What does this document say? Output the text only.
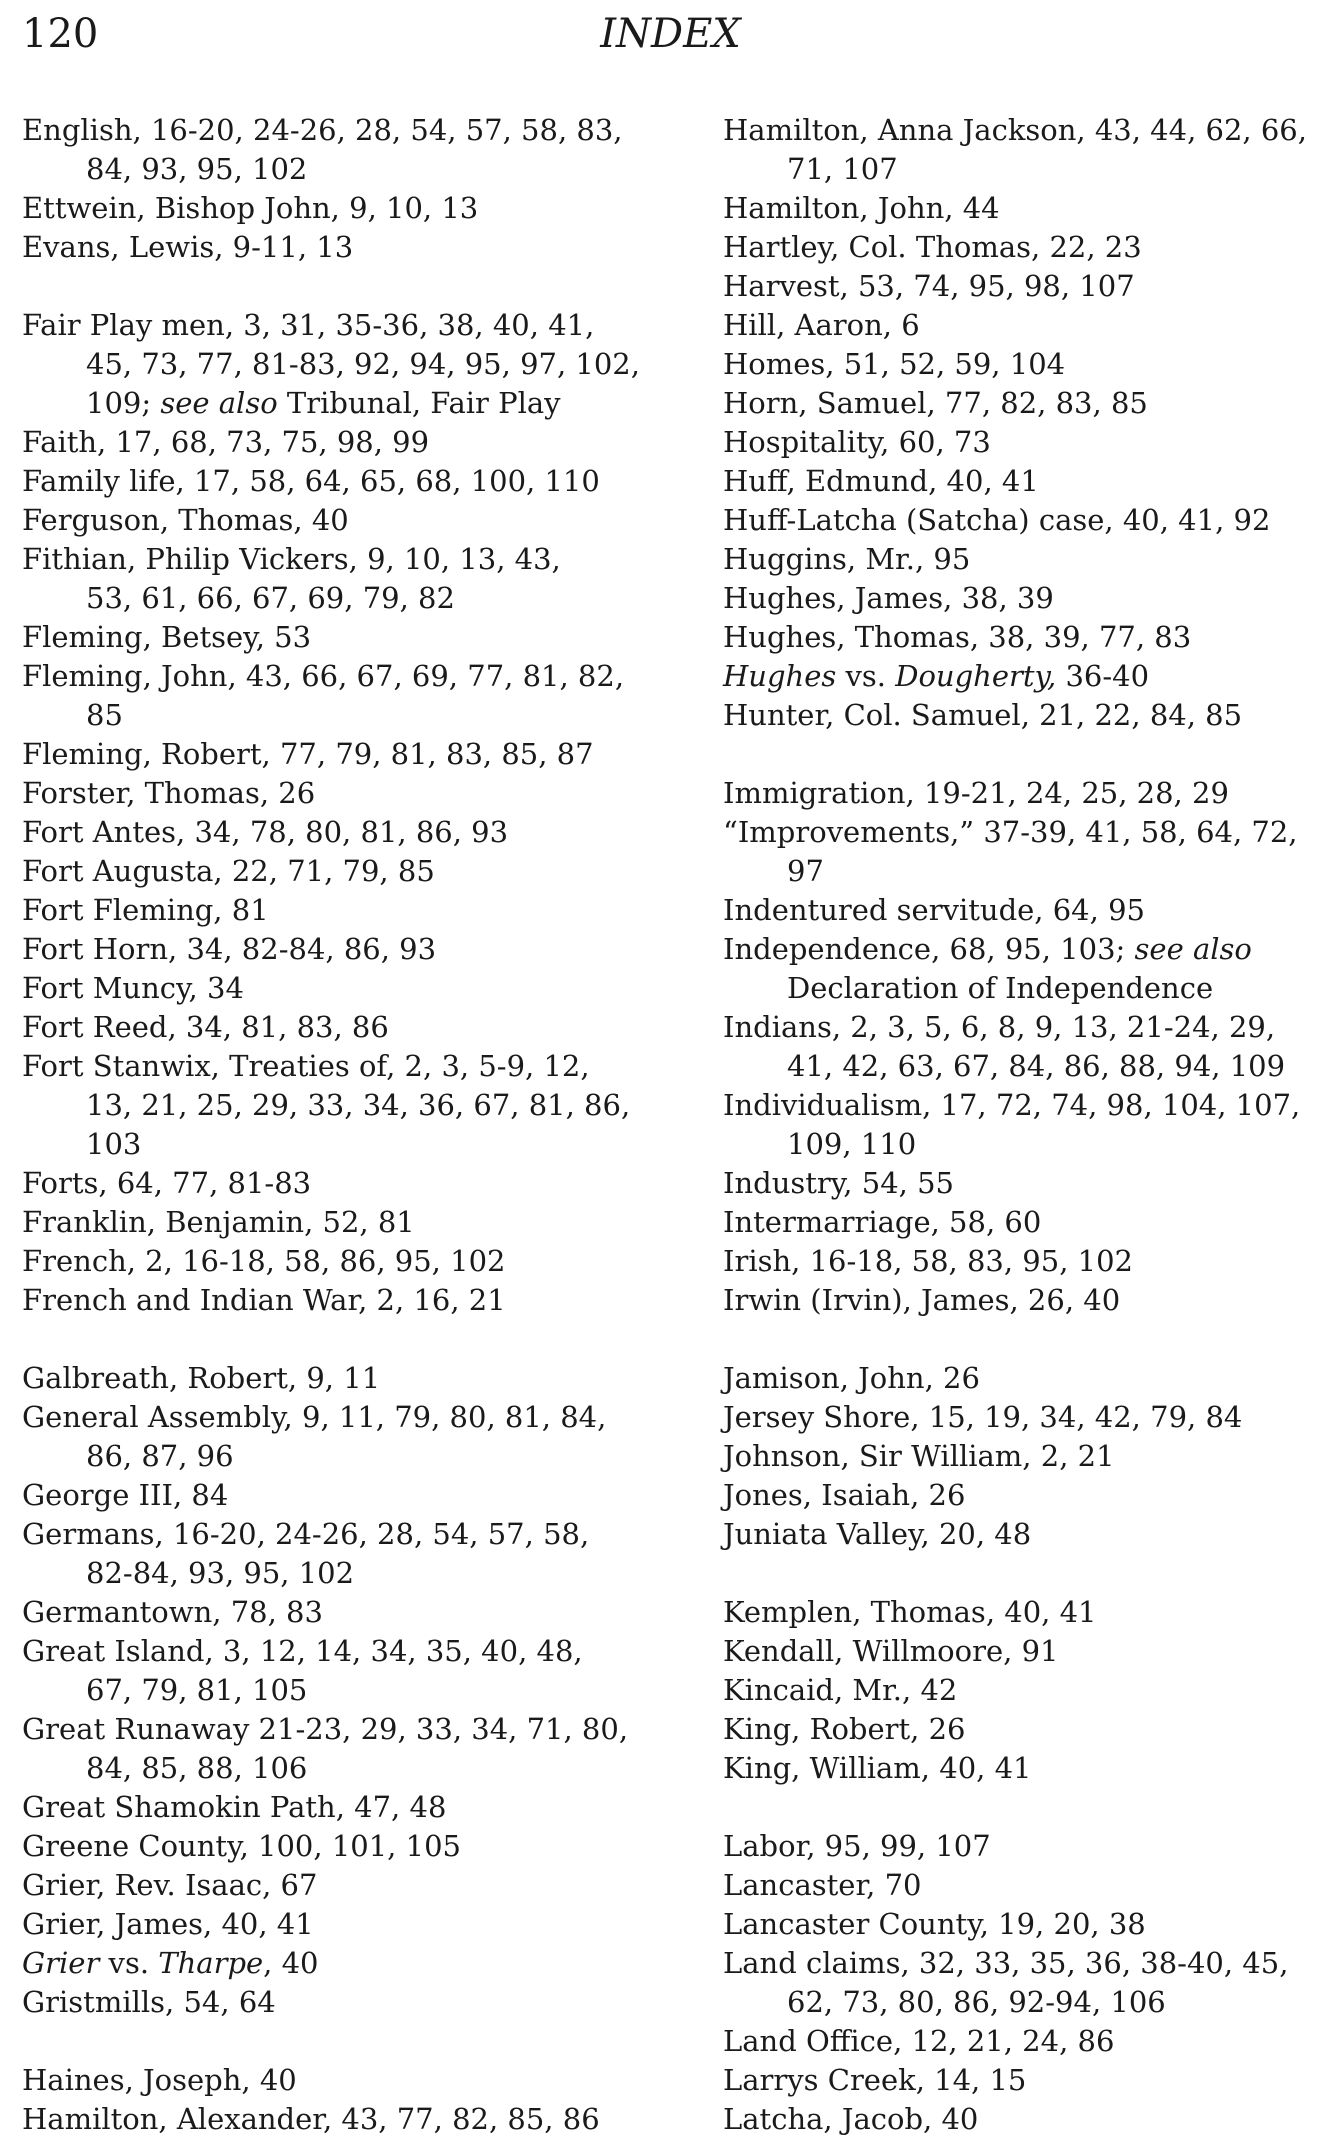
120	INDEX
English, 16-20, 24-26, 28, 54, 57, 58, 83,
84, 93, 95, 102
Ettwein, Bishop John, 9, 10, 13
Evans, Lewis, 9-11, 13
Fair Play men, 3, 31, 35-36, 38, 40, 41,
45, 73, 77, 81-83, 92, 94, 95, 97, 102,
109; see also Tribunal, Fair Play
Faith, 17, 68, 73, 75, 98, 99
Family life, 17, 58, 64, 65, 68, 100, 110
Ferguson, Thomas, 40
Fithian, Philip Vickers, 9, 10, 13, 43,
53, 61, 66, 67, 69, 79, 82
Fleming, Betsey, 53
Fleming, John, 43, 66, 67, 69, 77, 81, 82,
85
Fleming, Robert, 77, 79, 81, 83, 85, 87
Forster, Thomas, 26
Fort Antes, 34, 78, 80, 81, 86, 93
Fort Augusta, 22, 71, 79, 85
Fort Fleming, 81
Fort Horn, 34, 82-84, 86, 93
Fort Muncy, 34
Fort Reed, 34, 81, 83, 86
Fort Stanwix, Treaties of, 2, 3, 5-9, 12,
13, 21, 25, 29, 33, 34, 36, 67, 81, 86,
103
Forts, 64, 77, 81-83
Franklin, Benjamin, 52, 81
French, 2, 16-18, 58, 86, 95, 102
French and Indian War, 2, 16, 21
Galbreath, Robert, 9, 11
General Assembly, 9, 11, 79, 80, 81, 84,
86, 87, 96
George III, 84
Germans, 16-20, 24-26, 28, 54, 57, 58,
82-84, 93, 95, 102
Germantown, 78, 83
Great Island, 3, 12, 14, 34, 35, 40, 48,
67, 79, 81, 105
Great Runaway 21-23, 29, 33, 34, 71, 80,
84, 85, 88, 106
Great Shamokin Path, 47, 48
Greene County, 100, 101, 105
Grier, Rev. Isaac, 67
Grier, James, 40, 41
Grier vs. Tharpe, 40
Gristmills, 54, 64
Haines, Joseph, 40
Hamilton, Alexander, 43, 77, 82, 85, 86
Hamilton, Anna Jackson, 43, 44, 62, 66,
71, 107
Hamilton, John, 44
Hartley, Col. Thomas, 22, 23
Harvest, 53, 74, 95, 98, 107
Hill, Aaron, 6
Homes, 51, 52, 59, 104
Horn, Samuel, 77, 82, 83, 85
Hospitality, 60, 73
Huff, Edmund, 40, 41
Huff-Latcha (Satcha) case, 40, 41, 92
Huggins, Mr., 95
Hughes, James, 38, 39
Hughes, Thomas, 38, 39, 77, 83
Hughes vs. Dougherty, 36-40
Hunter, Col. Samuel, 21, 22, 84, 85
Immigration, 19-21, 24, 25, 28, 29
“Improvements,” 37-39, 41, 58, 64, 72,
97
Indentured servitude, 64, 95
Independence, 68, 95, 103; see also
Declaration of Independence
Indians, 2, 3, 5, 6, 8, 9, 13, 21-24, 29,
41, 42, 63, 67, 84, 86, 88, 94, 109
Individualism, 17, 72, 74, 98, 104, 107,
109, 110
Industry, 54, 55
Intermarriage, 58, 60
Irish, 16-18, 58, 83, 95, 102
Irwin (Irvin), James, 26, 40
Jamison, John, 26
Jersey Shore, 15, 19, 34, 42, 79, 84
Johnson, Sir William, 2, 21
Jones, Isaiah, 26
Juniata Valley, 20, 48
Kemplen, Thomas, 40, 41
Kendall, Willmoore, 91
Kincaid, Mr., 42
King, Robert, 26
King, William, 40, 41
Labor, 95, 99, 107
Lancaster, 70
Lancaster County, 19, 20, 38
Land claims, 32, 33, 35, 36, 38-40, 45,
62, 73, 80, 86, 92-94, 106
Land Office, 12, 21, 24, 86
Larrys Creek, 14, 15
Latcha, Jacob, 40
